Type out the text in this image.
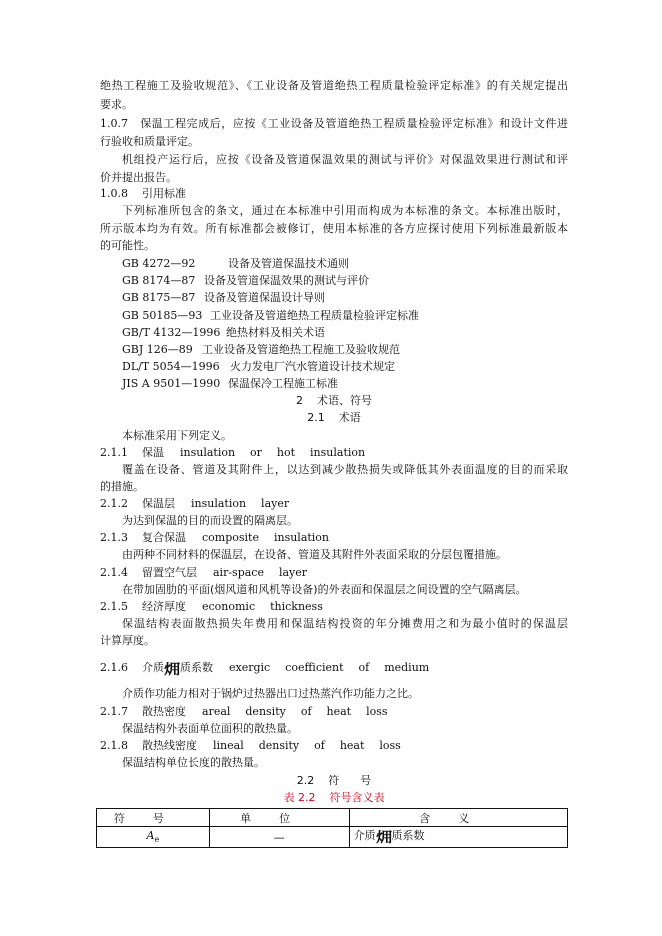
绝热工程施工及验收规范》、《工业设备及管道绝热工程质量检验评定标准》的有关规定提出
要求。
1.0.7 保温工程完成后，应按《工业设备及管道绝热工程质量检验评定标准》和设计文件进
行验收和质量评定。
机组投产运行后，应按《设备及管道保温效果的测试与评价》对保温效果进行测试和评
价并提出报告。
1.0.8 引用标准
下列标准所包含的条文，通过在本标准中引用而构成为本标准的条文。本标准出版时，
所示版本均为有效。所有标准都会被修订，使用本标准的各方应探讨使用下列标准最新版本
的可能性。
GB 4272—92	设备及管道保温技术通则
GB 8174—87 设备及管道保温效果的测试与评价
GB 8175—87 设备及管道保温设计导则
GB 50185—93 工业设备及管道绝热工程质量检验评定标准
GB/T 4132—1996 绝热材料及相关术语
GBJ 126—89 工业设备及管道绝热工程施工及验收规范
DL/T 5054—1996 火力发电厂汽水管道设计技术规定
JIS A 9501—1990 保温保冷工程施工标准
2    术语、符号
2.1    术语
本标准采用下列定义。
2.1.1 保温 insulation  or  hot  insulation
覆盖在设备、管道及其附件上，以达到减少散热损失或降低其外表面温度的目的而采取
的措施。
2.1.2 保温层 insulation  layer
为达到保温的目的而设置的隔离层。
2.1.3 复合保温 composite  insulation
由两种不同材料的保温层，在设备、管道及其附件外表面采取的分层包覆措施。
2.1.4 留置空气层 air-space  layer
在带加固肋的平面(烟风道和风机等设备)的外表面和保温层之间设置的空气隔离层。
2.1.5 经济厚度 economic  thickness
保温结构表面散热损失年费用和保温结构投资的年分摊费用之和为最小值时的保温层
计算厚度。
2.1.6 介质㶲质系数 exergic  coefficient  of  medium
介质作功能力相对于锅炉过热器出口过热蒸汽作功能力之比。
2.1.7 散热密度 areal  density  of  heat  loss
保温结构外表面单位面积的散热量。
2.1.8 散热线密度 lineal  density  of  heat  loss
保温结构单位长度的散热量。
2.2    符      号
表 2.2    符号含义表
符号	单位	含义
$A_e$	—	介质㶲质系数
